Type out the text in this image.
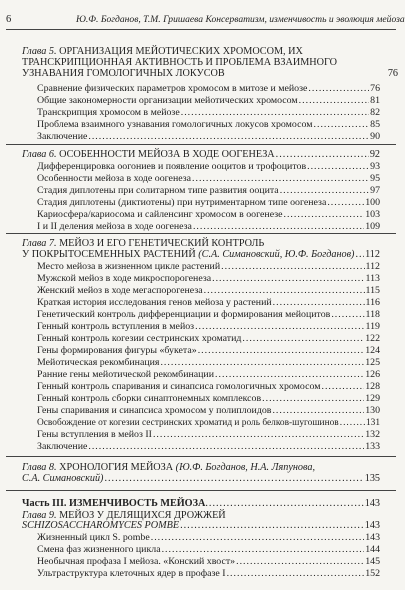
6	Ю.Ф. Богданов, Т.М. Гришаева Консерватизм, изменчивость и эволюция мейоза
Глава 5. ОРГАНИЗАЦИЯ МЕЙОТИЧЕСКИХ ХРОМОСОМ, ИХ ТРАНСКРИПЦИОННАЯ АКТИВНОСТЬ И ПРОБЛЕМА ВЗАИМНОГО УЗНАВАНИЯ ГОМОЛОГИЧНЫХ ЛОКУСОВ	76
Сравнение физических параметров хромосом в митозе и мейозе .....	76
Общие закономерности организации мейотических хромосом .....	81
Транскрипция хромосом в мейозе .....	82
Проблема взаимного узнавания гомологичных локусов хромосом .....	85
Заключение .....	90
Глава 6. ОСОБЕННОСТИ МЕЙОЗА В ХОДЕ ООГЕНЕЗА .....	92
Дифференцировка оогониев и появление ооцитов и трофоцитов .....	93
Особенности мейоза в ходе оогенеза .....	95
Стадия диплотены при солитарном типе развития ооцита .....	97
Стадия диплотены (диктиотены) при нутриментарном типе оогенеза .....	100
Кариосфера/кариосома и сайленсинг хромосом в оогенезе .....	103
I и II деления мейоза в ходе оогенеза .....	109
Глава 7. МЕЙОЗ И ЕГО ГЕНЕТИЧЕСКИЙ КОНТРОЛЬ
У ПОКРЫТОСЕМЕННЫХ РАСТЕНИЙ (С.А. Симановский, Ю.Ф. Богданов) ..... 112
Место мейоза в жизненном цикле растений .....	112
Мужской мейоз в ходе микроспорогенеза .....	113
Женский мейоз в ходе мегаспорогенеза .....	115
Краткая история исследования генов мейоза у растений .....	116
Генетический контроль дифференциации и формирования мейоцитов .....	118
Генный контроль вступления в мейоз .....	119
Генный контроль когезии сестринских хроматид .....	122
Гены формирования фигуры «букета» .....	124
Мейотическая рекомбинация .....	125
Ранние гены мейотической рекомбинации .....	126
Генный контроль спаривания и синапсиса гомологичных хромосом .....	128
Генный контроль сборки синаптонемных комплексов .....	129
Гены спаривания и синапсиса хромосом у полиплоидов .....	130
Освобождение от когезии сестринских хроматид и роль белков-шугошинов .....	131
Гены вступления в мейоз II .....	132
Заключение .....	133
Глава 8. ХРОНОЛОГИЯ МЕЙОЗА (Ю.Ф. Богданов, Н.А. Ляпунова,
С.А. Симановский) .....	135
Часть III.
ИЗМЕНЧИВОСТЬ МЕЙОЗА .....	143
Глава 9. МЕЙОЗ У ДЕЛЯЩИХСЯ ДРОЖЖЕЙ
SCHIZOSACCHAROMYCES POMBE .....	143
Жизненный цикл S. pombe .....	143
Смена фаз жизненного цикла .....	144
Необычная профаза I мейоза. «Конский хвост» .....	145
Ультраструктура клеточных ядер в профазе I .....	152
